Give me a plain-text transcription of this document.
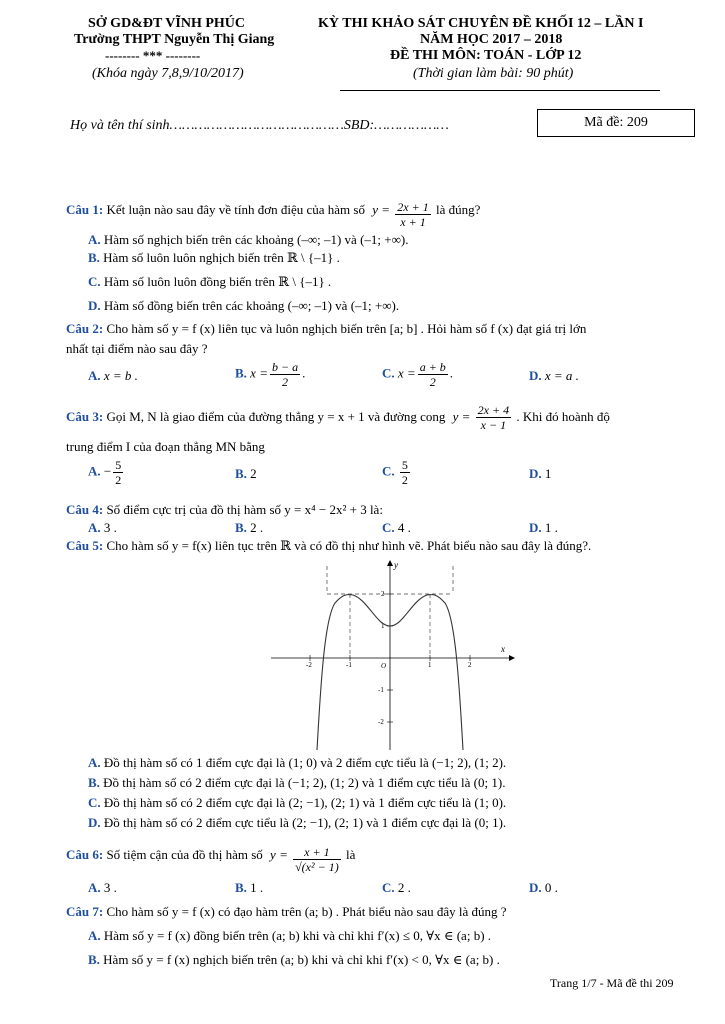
SỞ GD&ĐT VĨNH PHÚC
Trường THPT Nguyễn Thị Giang
-------- *** --------
(Khóa ngày 7,8,9/10/2017)
KỲ THI KHẢO SÁT CHUYÊN ĐỀ KHỐI 12 – LẦN I
NĂM HỌC 2017 – 2018
ĐỀ THI MÔN: TOÁN - LỚP 12
(Thời gian làm bài: 90 phút)
Họ và tên thí sinh……………………………………SBD:………………	Mã đề: 209
Câu 1: Kết luận nào sau đây về tính đơn điệu của hàm số $y = \frac{2x + 1}{x + 1}$ là đúng?
A. Hàm số nghịch biến trên các khoảng (–∞; –1) và (–1; +∞).
B. Hàm số luôn luôn nghịch biến trên ℝ \ {–1} .
C. Hàm số luôn luôn đồng biến trên ℝ \ {–1} .
D. Hàm số đồng biến trên các khoảng (–∞; –1) và (–1; +∞).
Câu 2: Cho hàm số y = f (x) liên tục và luôn nghịch biến trên [a; b] . Hỏi hàm số f (x) đạt giá trị lớn
nhất tại điểm nào sau đây ?
A. x = b .	B. $x = \frac{b - a}{2}$ .	C. $x = \frac{a + b}{2}$ .	D. x = a .
Câu 3: Gọi M, N là giao điểm của đường thẳng y = x + 1 và đường cong $y = \frac{2x + 4}{x - 1}$ . Khi đó hoành độ
trung điểm I của đoạn thẳng MN bằng
A. − $\frac{5}{2}$	B. 2	C. $\frac{5}{2}$	D. 1
Câu 4: Số điểm cực trị của đồ thị hàm số y = x⁴ − 2x² + 3 là:
A. 3 .	B. 2 .	C. 4 .	D. 1 .
Câu 5: Cho hàm số y = f(x) liên tục trên ℝ và có đồ thị như hình vẽ. Phát biểu nào sau đây là đúng?.
x
y
O
-2	-1	1	2
2
1
-1
-2
A. Đồ thị hàm số có 1 điểm cực đại là (1; 0) và 2 điểm cực tiểu là (−1; 2), (1; 2).
B. Đồ thị hàm số có 2 điểm cực đại là (−1; 2), (1; 2) và 1 điểm cực tiểu là (0; 1).
C. Đồ thị hàm số có 2 điểm cực đại là (2; −1), (2; 1) và 1 điểm cực tiểu là (1; 0).
D. Đồ thị hàm số có 2 điểm cực tiểu là (2; −1), (2; 1) và 1 điểm cực đại là (0; 1).
Câu 6: Số tiệm cận của đồ thị hàm số $y = \frac{x + 1}{\text{√(x² − 1)}}$ là
A. 3 .	B. 1 .	C. 2 .	D. 0 .
Câu 7: Cho hàm số y = f (x) có đạo hàm trên (a; b) . Phát biểu nào sau đây là đúng ?
A. Hàm số y = f (x) đồng biến trên (a; b) khi và chỉ khi f′(x) ≤ 0, ∀x ∈ (a; b) .
B. Hàm số y = f (x) nghịch biến trên (a; b) khi và chỉ khi f′(x) < 0, ∀x ∈ (a; b) .
Trang 1/7 - Mã đề thi 209
